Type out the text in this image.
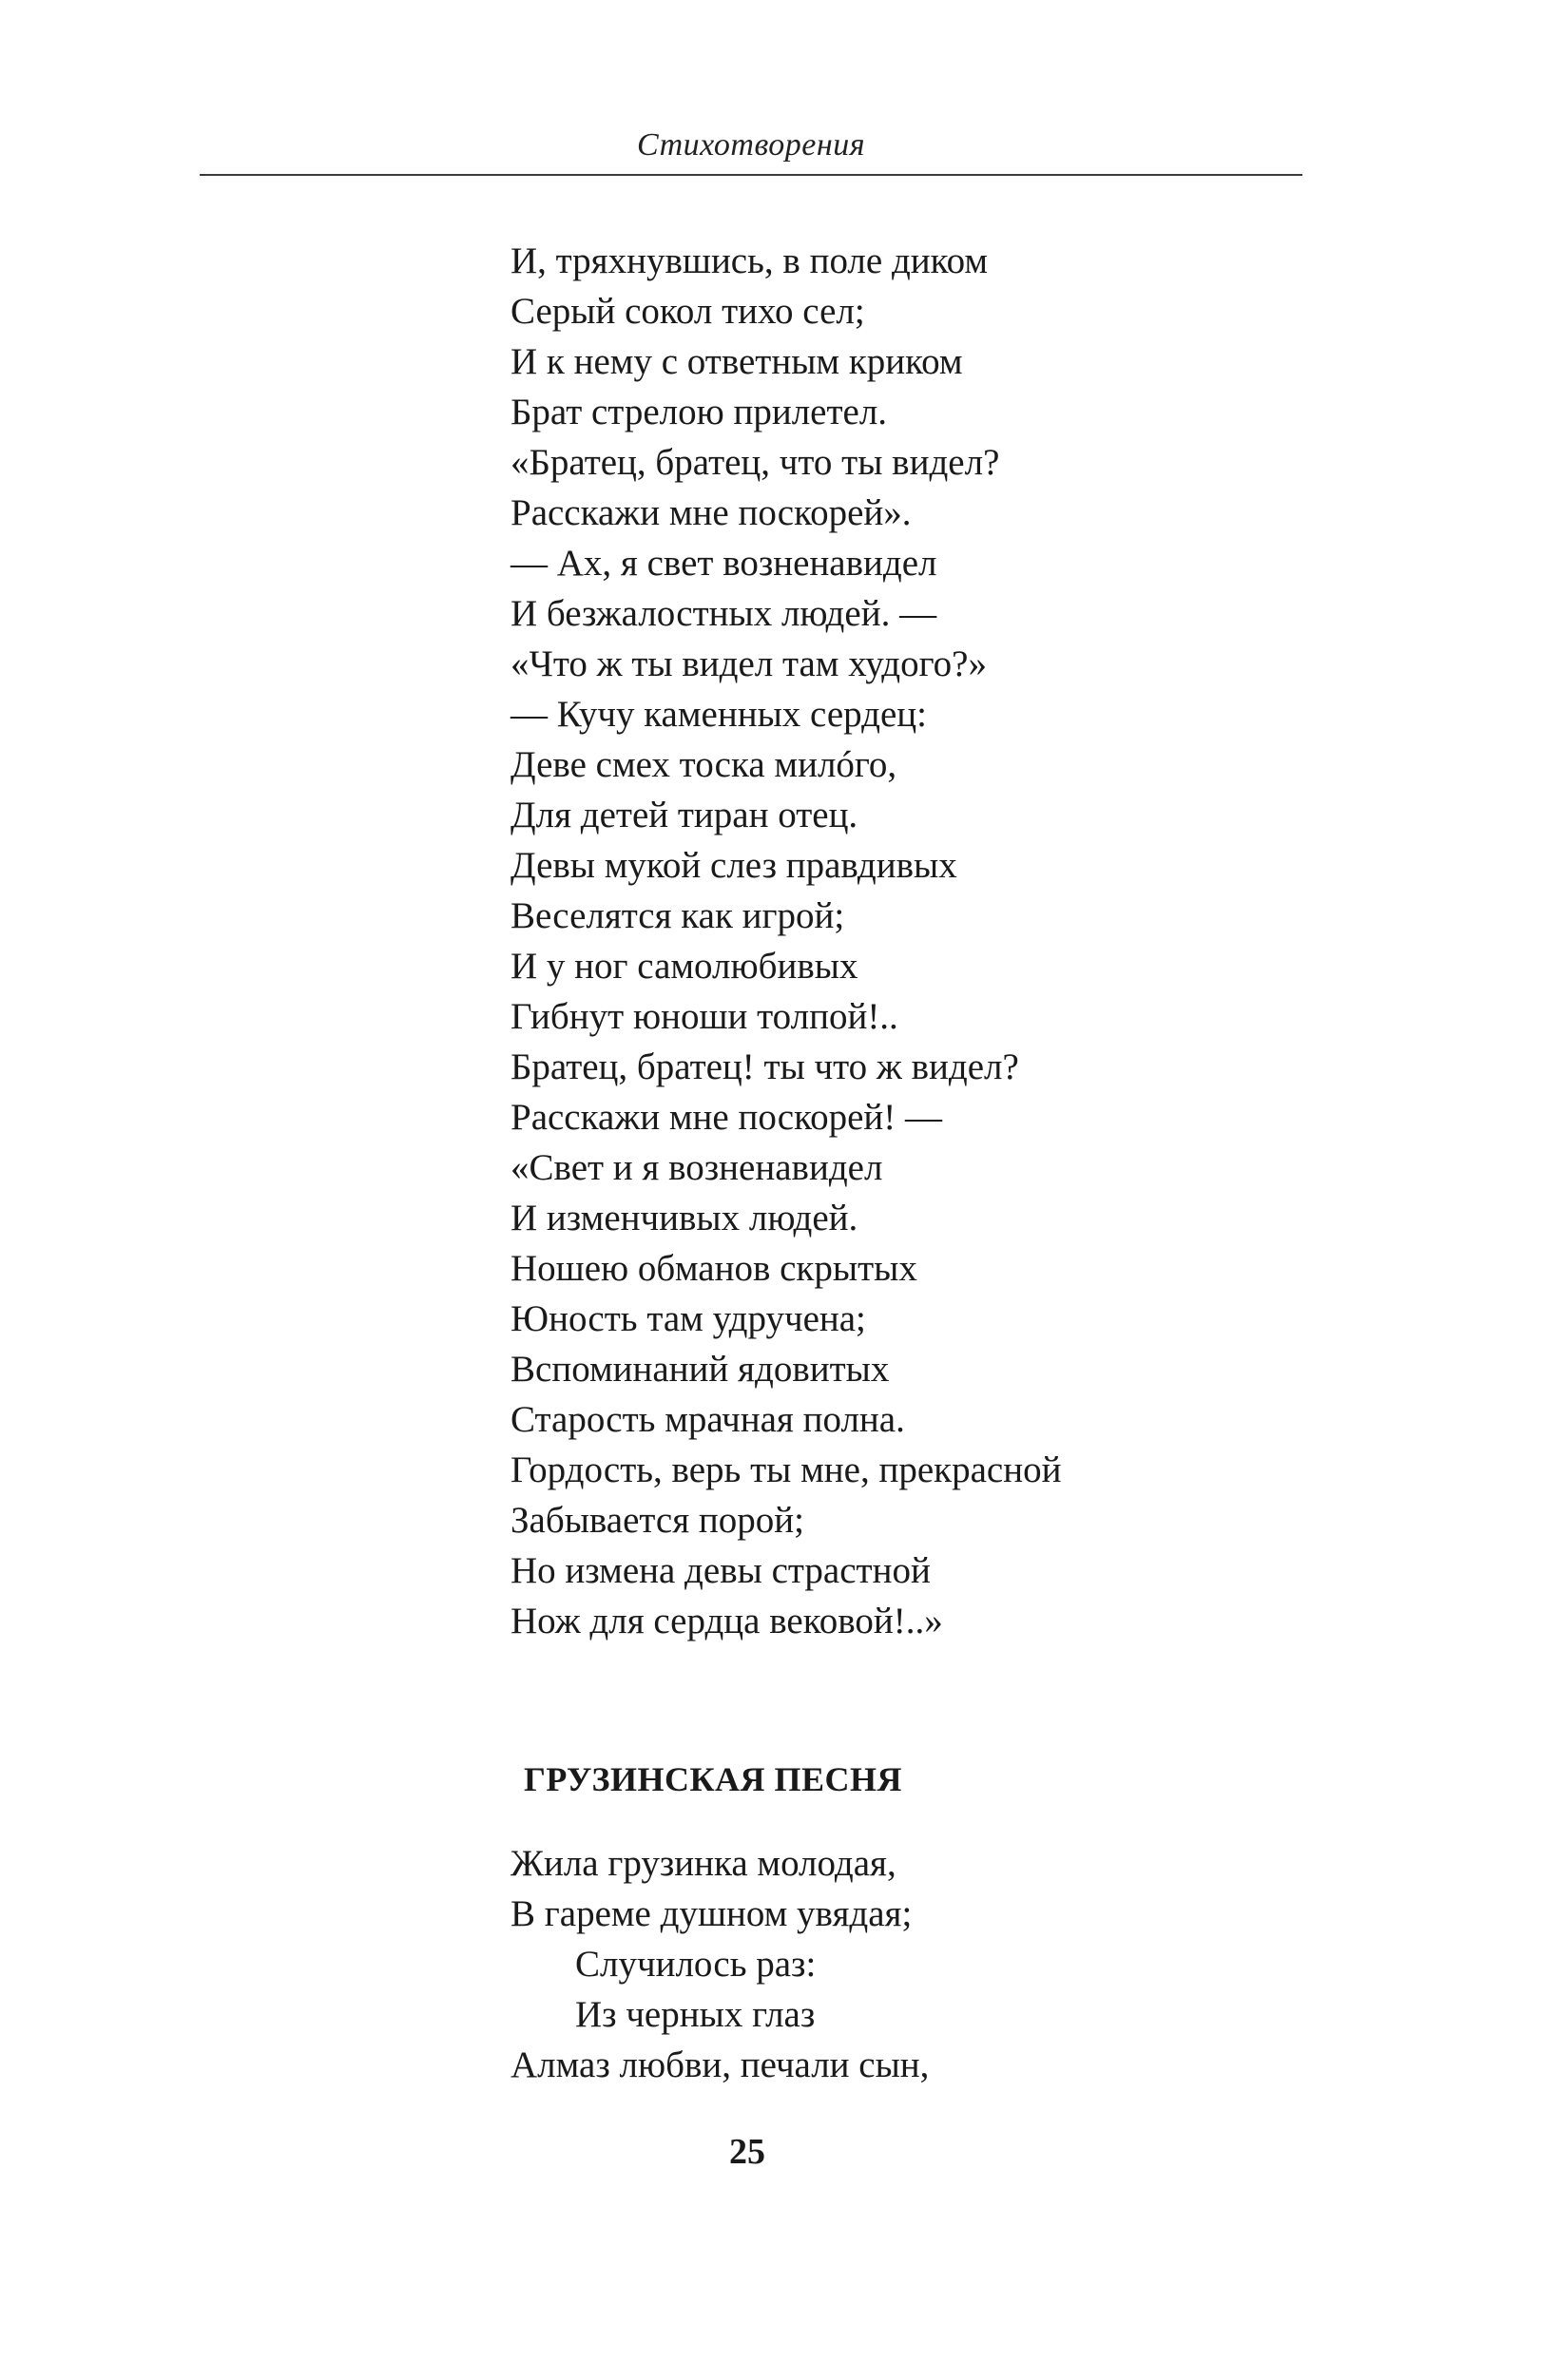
Стихотворения
И, тряхнувшись, в поле диком
Серый сокол тихо сел;
И к нему с ответным криком
Брат стрелою прилетел.
«Братец, братец, что ты видел?
Расскажи мне поскорей».
— Ах, я свет возненавидел
И безжалостных людей. —
«Что ж ты видел там худого?»
— Кучу каменных сердец:
Деве смех тоска милóго,
Для детей тиран отец.
Девы мукой слез правдивых
Веселятся как игрой;
И у ног самолюбивых
Гибнут юноши толпой!..
Братец, братец! ты что ж видел?
Расскажи мне поскорей! —
«Свет и я возненавидел
И изменчивых людей.
Ношею обманов скрытых
Юность там удручена;
Вспоминаний ядовитых
Старость мрачная полна.
Гордость, верь ты мне, прекрасной
Забывается порой;
Но измена девы страстной
Нож для сердца вековой!..»
ГРУЗИНСКАЯ ПЕСНЯ
Жила грузинка молодая,
В гареме душном увядая;
Случилось раз:
Из черных глаз
Алмаз любви, печали сын,
25
